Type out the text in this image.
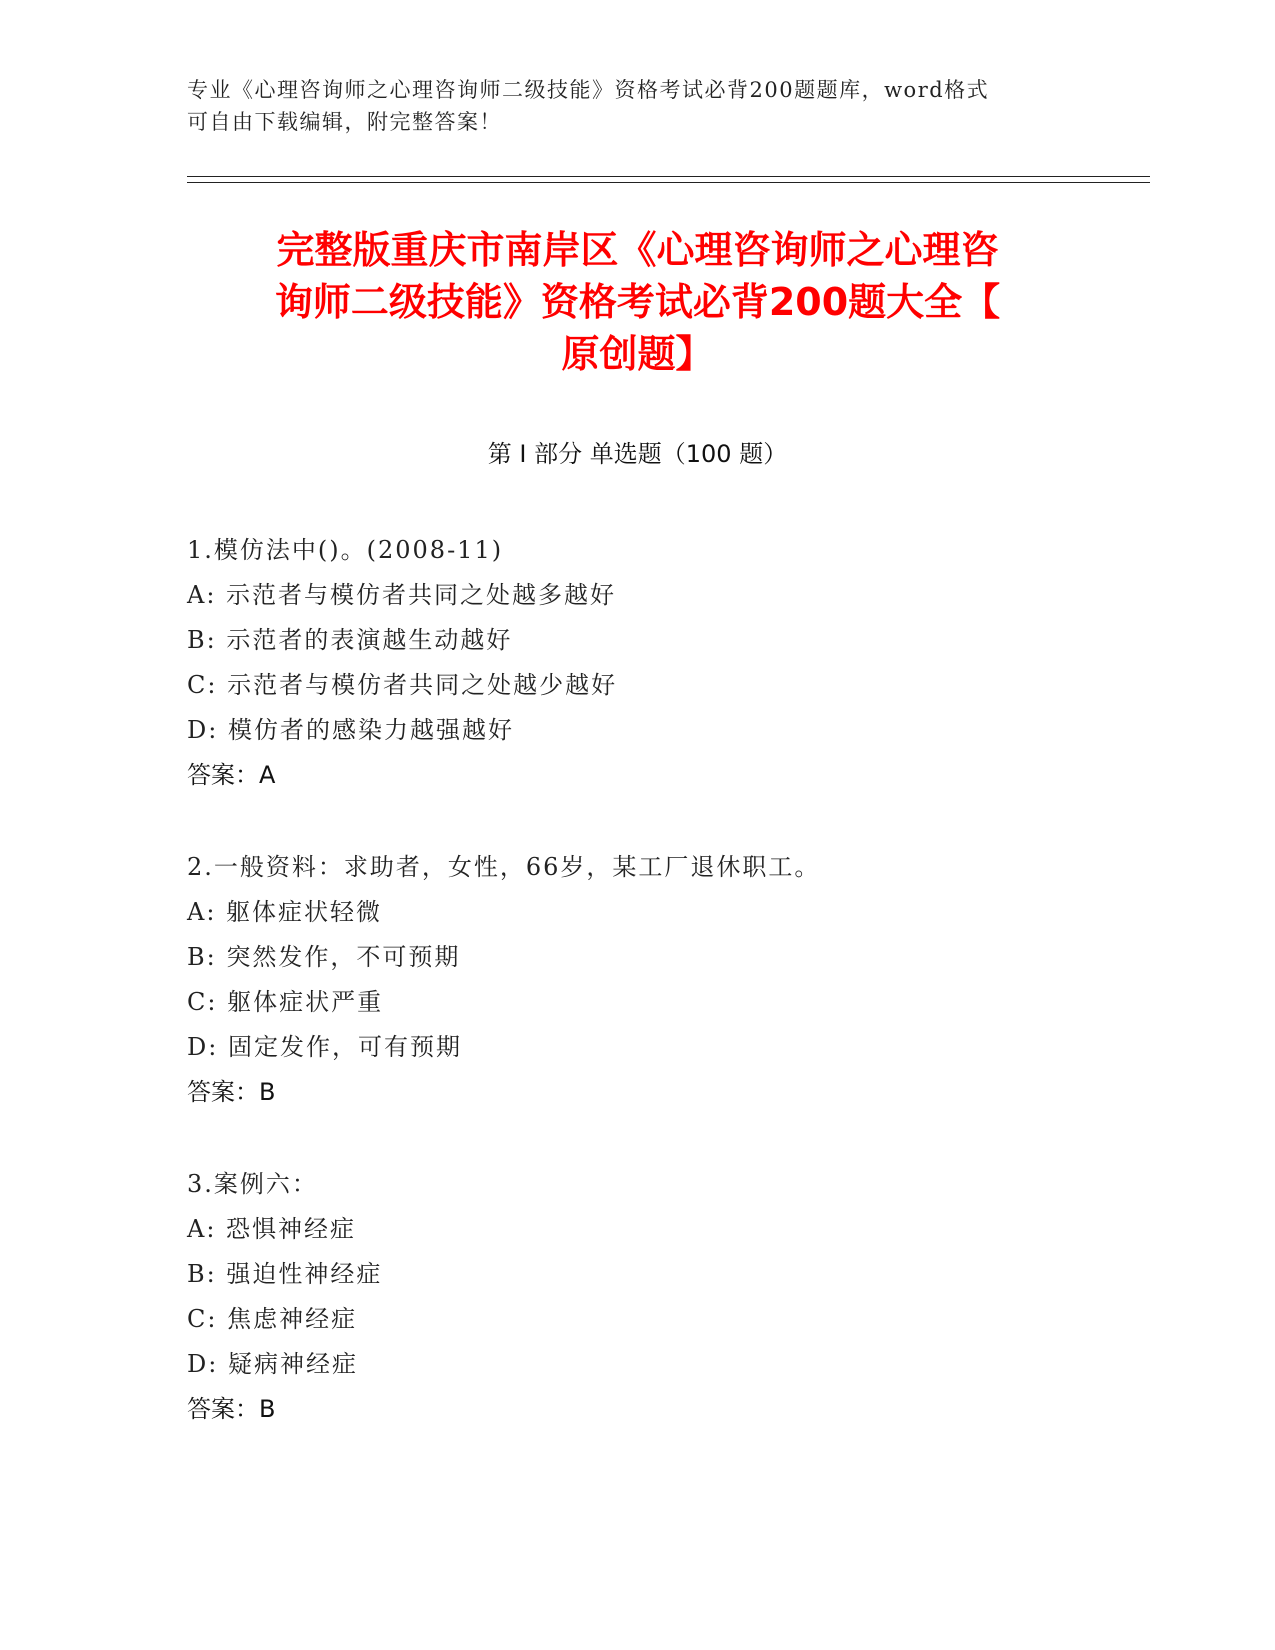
专业《心理咨询师之心理咨询师二级技能》资格考试必背200题题库，word格式
可自由下载编辑，附完整答案！
完整版重庆市南岸区《心理咨询师之心理咨
询师二级技能》资格考试必背200题大全【
原创题】
第 I 部分 单选题（100 题）
1.模仿法中()。(2008-11)
A: 示范者与模仿者共同之处越多越好
B: 示范者的表演越生动越好
C: 示范者与模仿者共同之处越少越好
D: 模仿者的感染力越强越好
答案：A
2.一般资料：求助者，女性，66岁，某工厂退休职工。
A: 躯体症状轻微
B: 突然发作，不可预期
C: 躯体症状严重
D: 固定发作，可有预期
答案：B
3.案例六：
A: 恐惧神经症
B: 强迫性神经症
C: 焦虑神经症
D: 疑病神经症
答案：B
